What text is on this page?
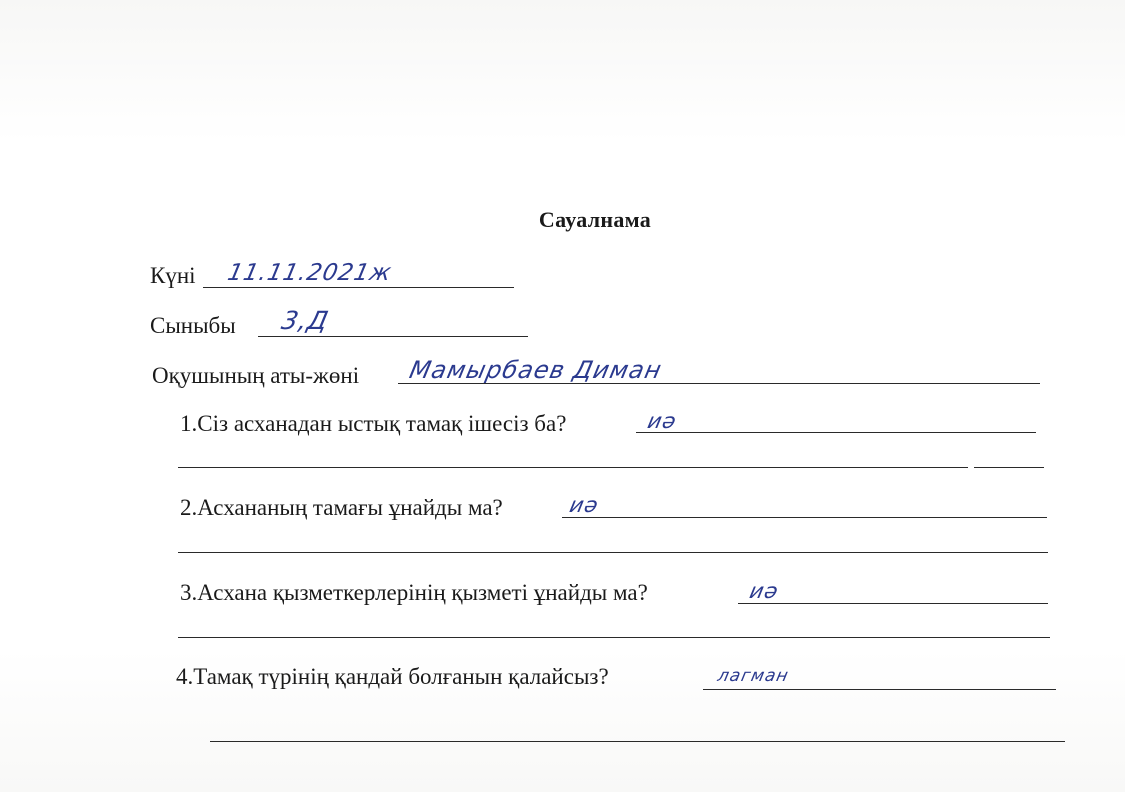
Сауалнама
Күні 11.11.2021ж
Сыныбы 3,Д
Оқушының аты-жөні Мамырбаев Диман
1.Сіз асханадан ыстық тамақ ішесіз ба?	иә
2.Асхананың тамағы ұнайды ма?	иә
3.Асхана қызметкерлерінің қызметі ұнайды ма?	иә
4.Тамақ түрінің қандай болғанын қалайсыз?	лагман
